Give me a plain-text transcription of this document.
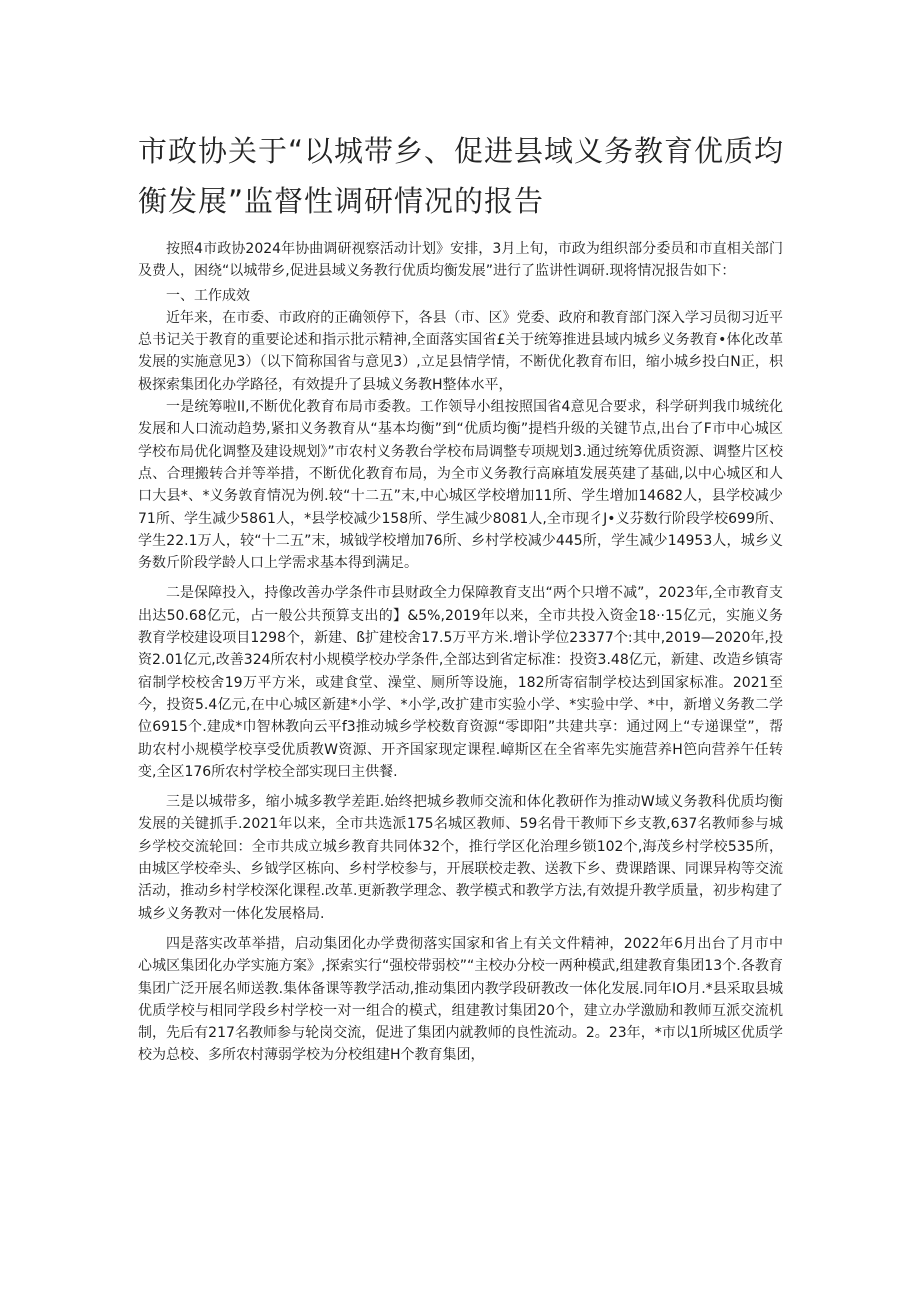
市政协关于“以城带乡、促进县域义务教育优质均衡发展”监督性调研情况的报告

按照4市政协2024年协曲调研视察活动计划》安排，3月上旬，市政为组织部分委员和市直相关部门及费人，困绕“以城带乡,促进县域义务教行优质均衡发展”进行了监讲性调研.现将情况报告如下：

一、工作成效

近年来，在市委、市政府的正确领停下，各县（市、区》党委、政府和教育部门深入学习员彻习近平总书记关于教育的重要论述和指示批示精神,全面落实国省£关于统筹推进县域内城乡义务教育•体化改革发展的实施意见3）（以下简称国省与意见3）,立足县情学情，不断优化教育布旧，缩小城乡投白N正，枳极探索集团化办学路径，有效提升了县城义务教H整体水平，

一是统筹啦II,不断优化教育布局市委教。工作领导小组按照国省4意见合要求，科学研判我巾城统化发展和人口流动趋势,紧扣义务教育从“基本均衡”到“优质均衡”提档升级的关键节点,出台了F市中心城区学校布局优化调整及建设规划》”市农村义务教台学校布局调整专项规划3.通过统筹优质资源、调整片区校点、合理搬转合并等举措，不断优化教育布局，为全市义务教行高麻埴发展英建了基础,以中心城区和人口大县*、*义务敦育情况为例.较“十二五”末,中心城区学校增加11所、学生增加14682人，县学校减少71所、学生减少5861人，*县学校减少158所、学生减少8081人,全市现彳J•义芬数行阶段学校699所、学生22.1万人，较“十二五”末，城钺学校增加76所、乡村学校减少445所，学生减少14953人，城乡义务数斤阶段学龄人口上学需求基本得到满足。

二是保障投入，持像改善办学条件市县财政全力保障教育支出“两个只增不减”，2023年,全市教育支出达50.68亿元，占一般公共预算支出的】&5%,2019年以来，全市共投入资金18··15亿元，实施义务教育学校建设项目1298个，新建、ß扩建校舍17.5万平方米.增讣学位23377个:其中,2019—2020年,投资2.01亿元,改善324所农村小规模学校办学条件,全部达到省定标准：投资3.48亿元，新建、改造乡镇寄宿制学校校舍19万平方米，或建食堂、澡堂、厕所等设施，182所寄宿制学校达到国家标准。2021至今，投资5.4亿元,在中心城区新建*小学、*小学,改扩建市实验小学、*实验中学、*中，新增义务教二学位6915个.建成*巾智林教向云平f3推动城乡学校数育资源“零即阳”共建共享：通过网上“专递课堂”，帮助农村小规模学校享受优质教W资源、开齐国家现定课程.嶂斯区在全省率先实施营养H笆向营养午任转变,全区176所农村学校全部实现曰主供餐.

三是以城带多，缩小城多教学差距.始终把城乡教师交流和体化教研作为推动W域义务教科优质均衡发展的关键抓手.2021年以来，全市共选派175名城区教师、59名骨干教师下乡支教,637名教师参与城乡学校交流轮回：全市共成立城乡教育共同体32个，推行学区化治理乡锁102个,海茂乡村学校535所，由城区学校牵头、乡钺学区栋向、乡村学校参与，开展联校走教、送教下乡、费课踏课、同课异构等交流活动，推动乡村学校深化课程.改革.更新教学理念、教学模式和教学方法,有效提升教学质量，初步构建了城乡义务教对一体化发展格局.

四是落实改革举措，启动集团化办学费彻落实国家和省上有关文件精神，2022年6月出台了月市中心城区集团化办学实施方案》,探索实行“强校带弱校”“主校办分校一两种模武,组建教育集团13个.各教育集团广泛开展名师送教.集体备课等教学活动,推动集团内教学段研教改一体化发展.同年IO月.*县采取县城优质学校与相同学段乡村学校一对一组合的模式，组建教讨集团20个，建立办学激励和教师互派交流机制，先后有217名教师参与轮岗交流，促进了集团内就教师的良性流动。2。23年，*市以1所城区优质学校为总校、多所农村薄弱学校为分校组建H个教育集团，
